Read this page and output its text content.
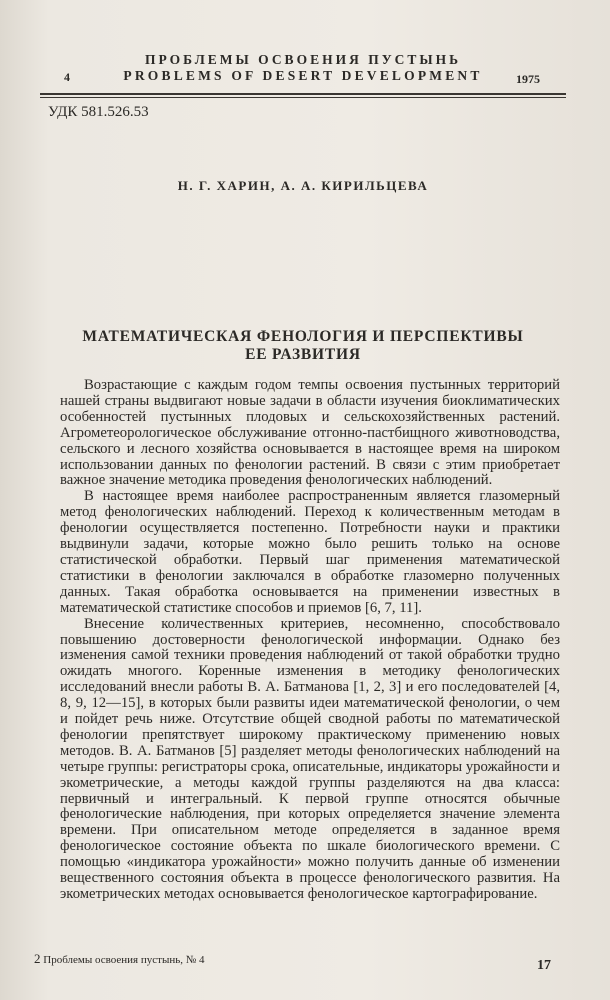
ПРОБЛЕМЫ ОСВОЕНИЯ ПУСТЫНЬ
4	PROBLEMS OF DESERT DEVELOPMENT	1975
УДК 581.526.53
Н. Г. ХАРИН, А. А. КИРИЛЬЦЕВА
МАТЕМАТИЧЕСКАЯ ФЕНОЛОГИЯ И ПЕРСПЕКТИВЫ
ЕЕ РАЗВИТИЯ

Возрастающие с каждым годом темпы освоения пустынных территорий нашей страны выдвигают новые задачи в области изучения биоклиматических особенностей пустынных плодовых и сельскохозяйственных растений. Агрометеорологическое обслуживание отгонно-пастбищного животноводства, сельского и лесного хозяйства основывается в настоящее время на широком использовании данных по фенологии растений. В связи с этим приобретает важное значение методика проведения фенологических наблюдений.

В настоящее время наиболее распространенным является глазомерный метод фенологических наблюдений. Переход к количественным методам в фенологии осуществляется постепенно. Потребности науки и практики выдвинули задачи, которые можно было решить только на основе статистической обработки. Первый шаг применения математической статистики в фенологии заключался в обработке глазомерно полученных данных. Такая обработка основывается на применении известных в математической статистике способов и приемов [6, 7, 11].

Внесение количественных критериев, несомненно, способствовало повышению достоверности фенологической информации. Однако без изменения самой техники проведения наблюдений от такой обработки трудно ожидать многого. Коренные изменения в методику фенологических исследований внесли работы В. А. Батманова [1, 2, 3] и его последователей [4, 8, 9, 12—15], в которых были развиты идеи математической фенологии, о чем и пойдет речь ниже. Отсутствие общей сводной работы по математической фенологии препятствует широкому практическому применению новых методов. В. А. Батманов [5] разделяет методы фенологических наблюдений на четыре группы: регистраторы срока, описательные, индикаторы урожайности и экометрические, а методы каждой группы разделяются на два класса: первичный и интегральный. К первой группе относятся обычные фенологические наблюдения, при которых определяется значение элемента времени. При описательном методе определяется в заданное время фенологическое состояние объекта по шкале биологического времени. С помощью «индикатора урожайности» можно получить данные об изменении вещественного состояния объекта в процессе фенологического развития. На экометрических методах основывается фенологическое картографирование.

2 Проблемы освоения пустынь, № 4	17
